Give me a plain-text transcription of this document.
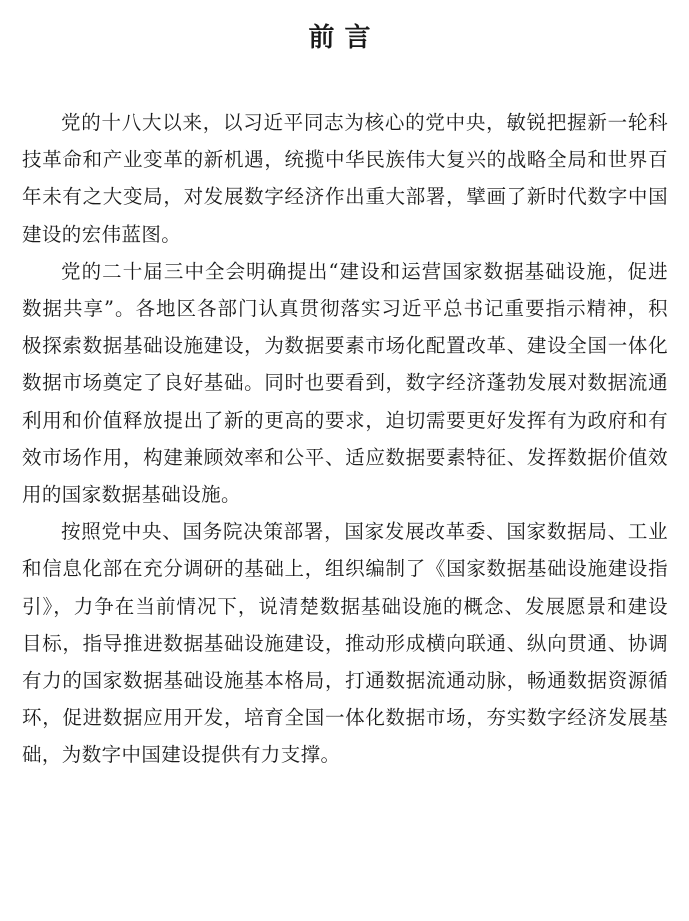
前言

党的十八大以来，以习近平同志为核心的党中央，敏锐把握新一轮科技革命和产业变革的新机遇，统揽中华民族伟大复兴的战略全局和世界百年未有之大变局，对发展数字经济作出重大部署，擘画了新时代数字中国建设的宏伟蓝图。

党的二十届三中全会明确提出“建设和运营国家数据基础设施，促进数据共享”。各地区各部门认真贯彻落实习近平总书记重要指示精神，积极探索数据基础设施建设，为数据要素市场化配置改革、建设全国一体化数据市场奠定了良好基础。同时也要看到，数字经济蓬勃发展对数据流通利用和价值释放提出了新的更高的要求，迫切需要更好发挥有为政府和有效市场作用，构建兼顾效率和公平、适应数据要素特征、发挥数据价值效用的国家数据基础设施。

按照党中央、国务院决策部署，国家发展改革委、国家数据局、工业和信息化部在充分调研的基础上，组织编制了《国家数据基础设施建设指引》，力争在当前情况下，说清楚数据基础设施的概念、发展愿景和建设目标，指导推进数据基础设施建设，推动形成横向联通、纵向贯通、协调有力的国家数据基础设施基本格局，打通数据流通动脉，畅通数据资源循环，促进数据应用开发，培育全国一体化数据市场，夯实数字经济发展基础，为数字中国建设提供有力支撑。
